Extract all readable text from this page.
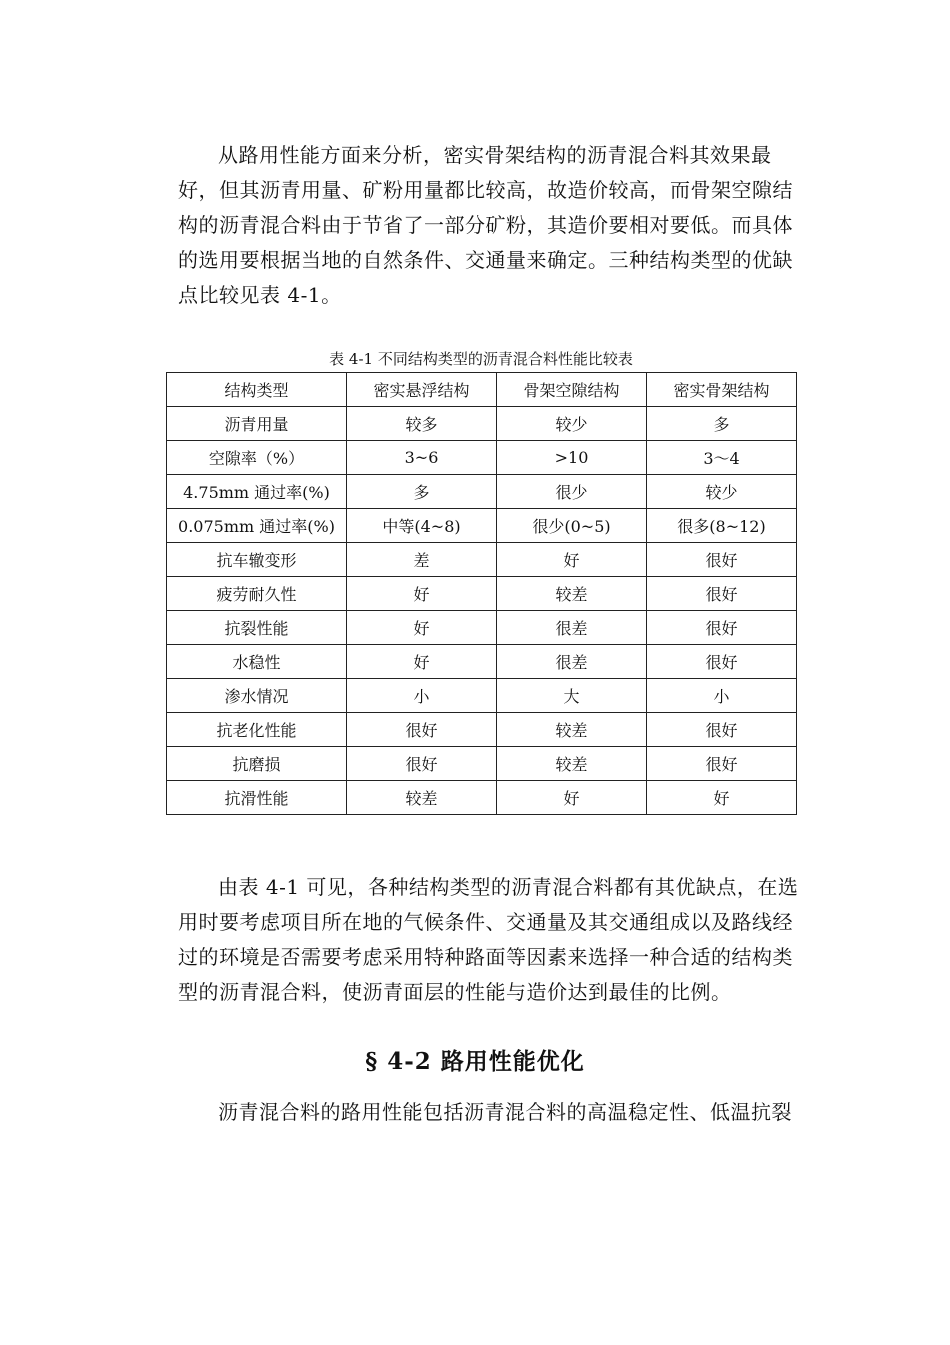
从路用性能方面来分析，密实骨架结构的沥青混合料其效果最
好，但其沥青用量、矿粉用量都比较高，故造价较高，而骨架空隙结
构的沥青混合料由于节省了一部分矿粉，其造价要相对要低。而具体
的选用要根据当地的自然条件、交通量来确定。三种结构类型的优缺
点比较见表 4-1。
表 4-1 不同结构类型的沥青混合料性能比较表
结构类型	密实悬浮结构	骨架空隙结构	密实骨架结构
沥青用量	较多	较少	多
空隙率（%）	3~6	>10	3～4
4.75mm 通过率(%)	多	很少	较少
0.075mm 通过率(%)	中等(4~8)	很少(0~5)	很多(8~12)
抗车辙变形	差	好	很好
疲劳耐久性	好	较差	很好
抗裂性能	好	很差	很好
水稳性	好	很差	很好
渗水情况	小	大	小
抗老化性能	很好	较差	很好
抗磨损	很好	较差	很好
抗滑性能	较差	好	好
由表 4-1 可见，各种结构类型的沥青混合料都有其优缺点，在选
用时要考虑项目所在地的气候条件、交通量及其交通组成以及路线经
过的环境是否需要考虑采用特种路面等因素来选择一种合适的结构类
型的沥青混合料，使沥青面层的性能与造价达到最佳的比例。
§ 4-2 路用性能优化
沥青混合料的路用性能包括沥青混合料的高温稳定性、低温抗裂
